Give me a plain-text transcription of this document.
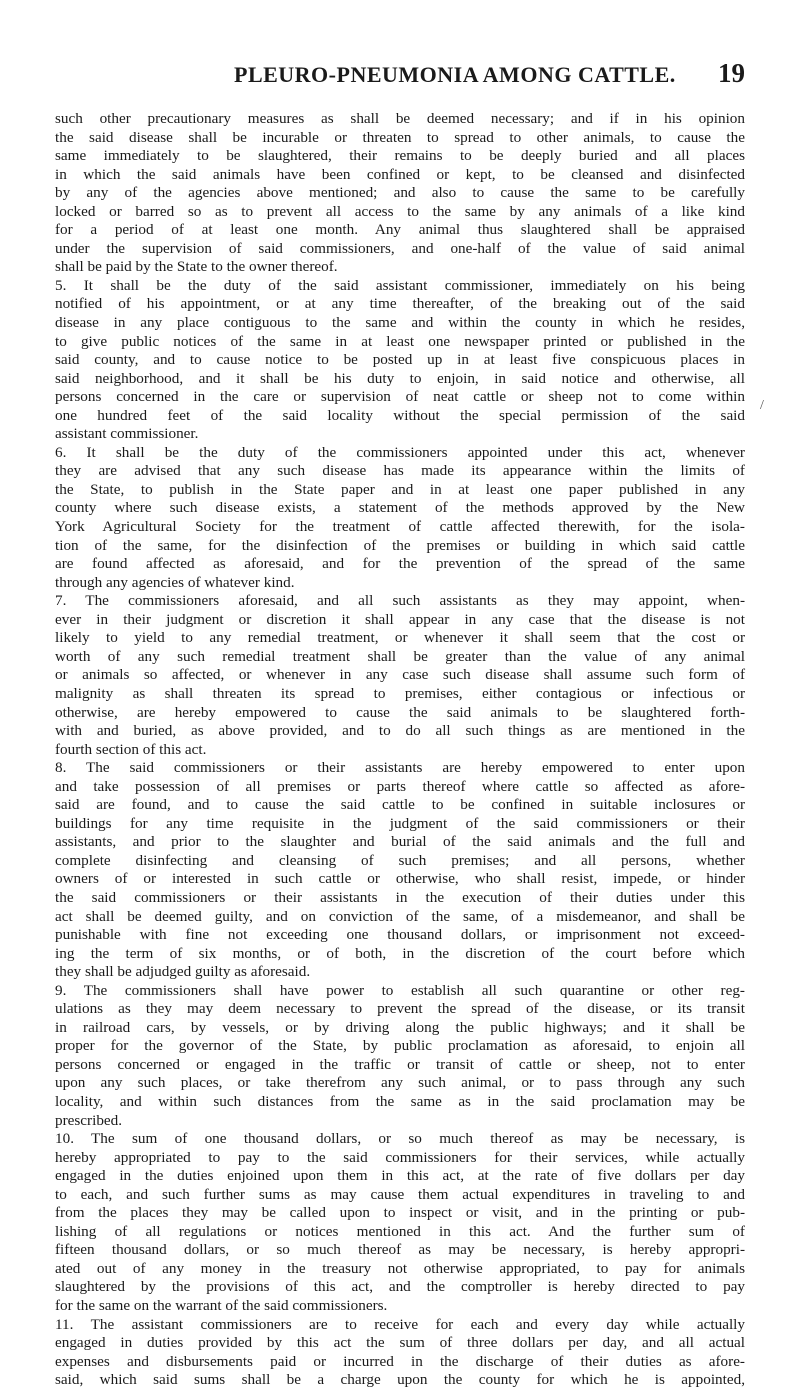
PLEURO-PNEUMONIA AMONG CATTLE. 19
/
such other precautionary measures as shall be deemed necessary; and if in his opinion
the said disease shall be incurable or threaten to spread to other animals, to cause the
same immediately to be slaughtered, their remains to be deeply buried and all places
in which the said animals have been confined or kept, to be cleansed and disinfected
by any of the agencies above mentioned; and also to cause the same to be carefully
locked or barred so as to prevent all access to the same by any animals of a like kind
for a period of at least one month. Any animal thus slaughtered shall be appraised
under the supervision of said commissioners, and one-half of the value of said animal
shall be paid by the State to the owner thereof.
5. It shall be the duty of the said assistant commissioner, immediately on his being
notified of his appointment, or at any time thereafter, of the breaking out of the said
disease in any place contiguous to the same and within the county in which he resides,
to give public notices of the same in at least one newspaper printed or published in the
said county, and to cause notice to be posted up in at least five conspicuous places in
said neighborhood, and it shall be his duty to enjoin, in said notice and otherwise, all
persons concerned in the care or supervision of neat cattle or sheep not to come within
one hundred feet of the said locality without the special permission of the said
assistant commissioner.
6. It shall be the duty of the commissioners appointed under this act, whenever
they are advised that any such disease has made its appearance within the limits of
the State, to publish in the State paper and in at least one paper published in any
county where such disease exists, a statement of the methods approved by the New
York Agricultural Society for the treatment of cattle affected therewith, for the isola-
tion of the same, for the disinfection of the premises or building in which said cattle
are found affected as aforesaid, and for the prevention of the spread of the same
through any agencies of whatever kind.
7. The commissioners aforesaid, and all such assistants as they may appoint, when-
ever in their judgment or discretion it shall appear in any case that the disease is not
likely to yield to any remedial treatment, or whenever it shall seem that the cost or
worth of any such remedial treatment shall be greater than the value of any animal
or animals so affected, or whenever in any case such disease shall assume such form of
malignity as shall threaten its spread to premises, either contagious or infectious or
otherwise, are hereby empowered to cause the said animals to be slaughtered forth-
with and buried, as above provided, and to do all such things as are mentioned in the
fourth section of this act.
8. The said commissioners or their assistants are hereby empowered to enter upon
and take possession of all premises or parts thereof where cattle so affected as afore-
said are found, and to cause the said cattle to be confined in suitable inclosures or
buildings for any time requisite in the judgment of the said commissioners or their
assistants, and prior to the slaughter and burial of the said animals and the full and
complete disinfecting and cleansing of such premises; and all persons, whether
owners of or interested in such cattle or otherwise, who shall resist, impede, or hinder
the said commissioners or their assistants in the execution of their duties under this
act shall be deemed guilty, and on conviction of the same, of a misdemeanor, and shall be
punishable with fine not exceeding one thousand dollars, or imprisonment not exceed-
ing the term of six months, or of both, in the discretion of the court before which
they shall be adjudged guilty as aforesaid.
9. The commissioners shall have power to establish all such quarantine or other reg-
ulations as they may deem necessary to prevent the spread of the disease, or its transit
in railroad cars, by vessels, or by driving along the public highways; and it shall be
proper for the governor of the State, by public proclamation as aforesaid, to enjoin all
persons concerned or engaged in the traffic or transit of cattle or sheep, not to enter
upon any such places, or take therefrom any such animal, or to pass through any such
locality, and within such distances from the same as in the said proclamation may be
prescribed.
10. The sum of one thousand dollars, or so much thereof as may be necessary, is
hereby appropriated to pay to the said commissioners for their services, while actually
engaged in the duties enjoined upon them in this act, at the rate of five dollars per day
to each, and such further sums as may cause them actual expenditures in traveling to and
from the places they may be called upon to inspect or visit, and in the printing or pub-
lishing of all regulations or notices mentioned in this act. And the further sum of
fifteen thousand dollars, or so much thereof as may be necessary, is hereby appropri-
ated out of any money in the treasury not otherwise appropriated, to pay for animals
slaughtered by the provisions of this act, and the comptroller is hereby directed to pay
for the same on the warrant of the said commissioners.
11. The assistant commissioners are to receive for each and every day while actually
engaged in duties provided by this act the sum of three dollars per day, and all actual
expenses and disbursements paid or incurred in the discharge of their duties as afore-
said, which said sums shall be a charge upon the county for which he is appointed,
